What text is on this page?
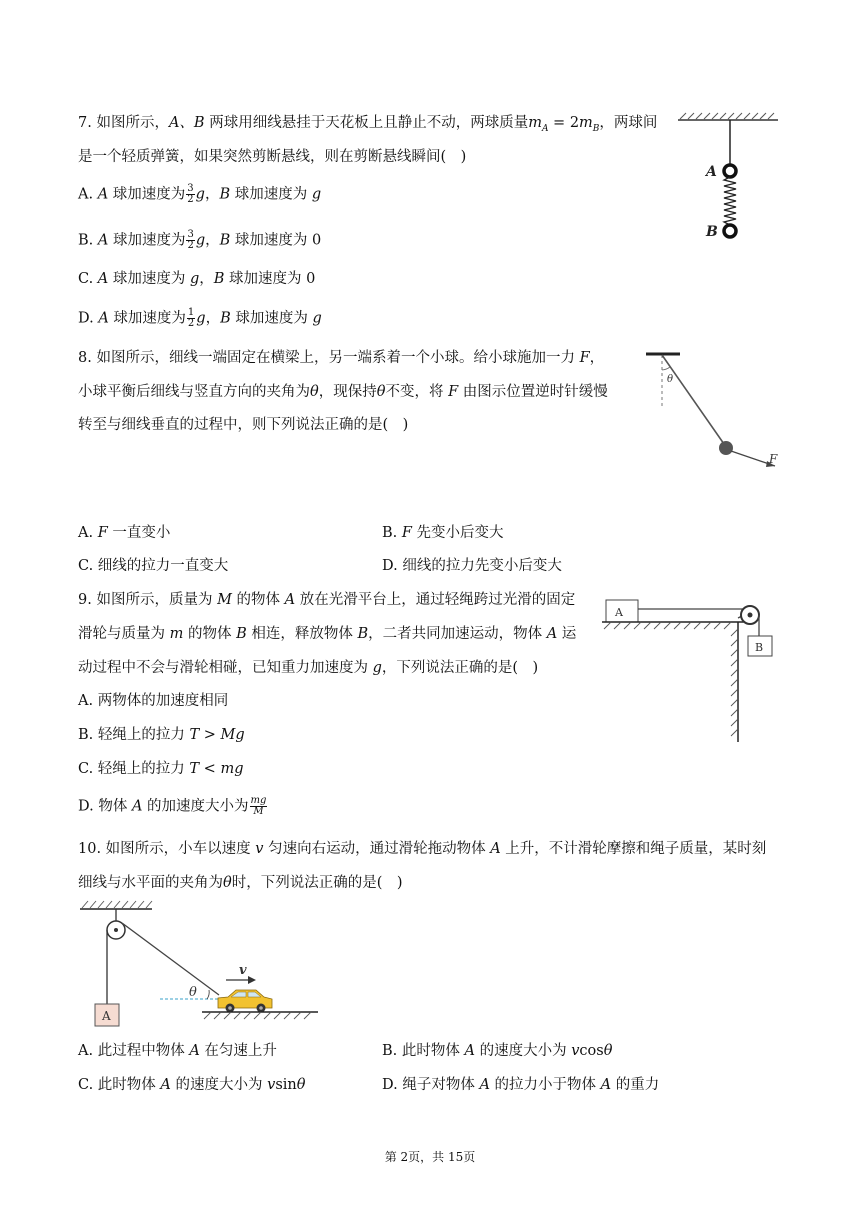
7. 如图所示，A、B 两球用细线悬挂于天花板上且静止不动，两球质量$m_A = 2m_B$，两球间
是一个轻质弹簧，如果突然剪断悬线，则在剪断悬线瞬间(　)
A. A 球加速度为 $\frac{3}{2}$ g，B 球加速度为 g
B. A 球加速度为 $\frac{3}{2}$ g，B 球加速度为 0
C. A 球加速度为 g，B 球加速度为 0
D. A 球加速度为 $\frac{1}{2}$ g，B 球加速度为 g
A
B
8. 如图所示，细线一端固定在横梁上，另一端系着一个小球。给小球施加一力 F，
小球平衡后细线与竖直方向的夹角为θ，现保持θ不变，将 F 由图示位置逆时针缓慢
转至与细线垂直的过程中，则下列说法正确的是(　)
θ
F
A. F 一直变小	B. F 先变小后变大
C. 细线的拉力一直变大	D. 细线的拉力先变小后变大
9. 如图所示，质量为 M 的物体 A 放在光滑平台上，通过轻绳跨过光滑的固定
滑轮与质量为 m 的物体 B 相连，释放物体 B，二者共同加速运动，物体 A 运
动过程中不会与滑轮相碰，已知重力加速度为 g，下列说法正确的是(　)
A. 两物体的加速度相同
B. 轻绳上的拉力 T > Mg
C. 轻绳上的拉力 T < mg
D. 物体 A 的加速度大小为 $\frac{mg}{M}$
A
B
10. 如图所示，小车以速度 v 匀速向右运动，通过滑轮拖动物体 A 上升，不计滑轮摩擦和绳子质量，某时刻
细线与水平面的夹角为θ时，下列说法正确的是(　)
A
θ
v
A. 此过程中物体 A 在匀速上升	B. 此时物体 A 的速度大小为 vcosθ
C. 此时物体 A 的速度大小为 vsinθ	D. 绳子对物体 A 的拉力小于物体 A 的重力
第 2页，共 15页
